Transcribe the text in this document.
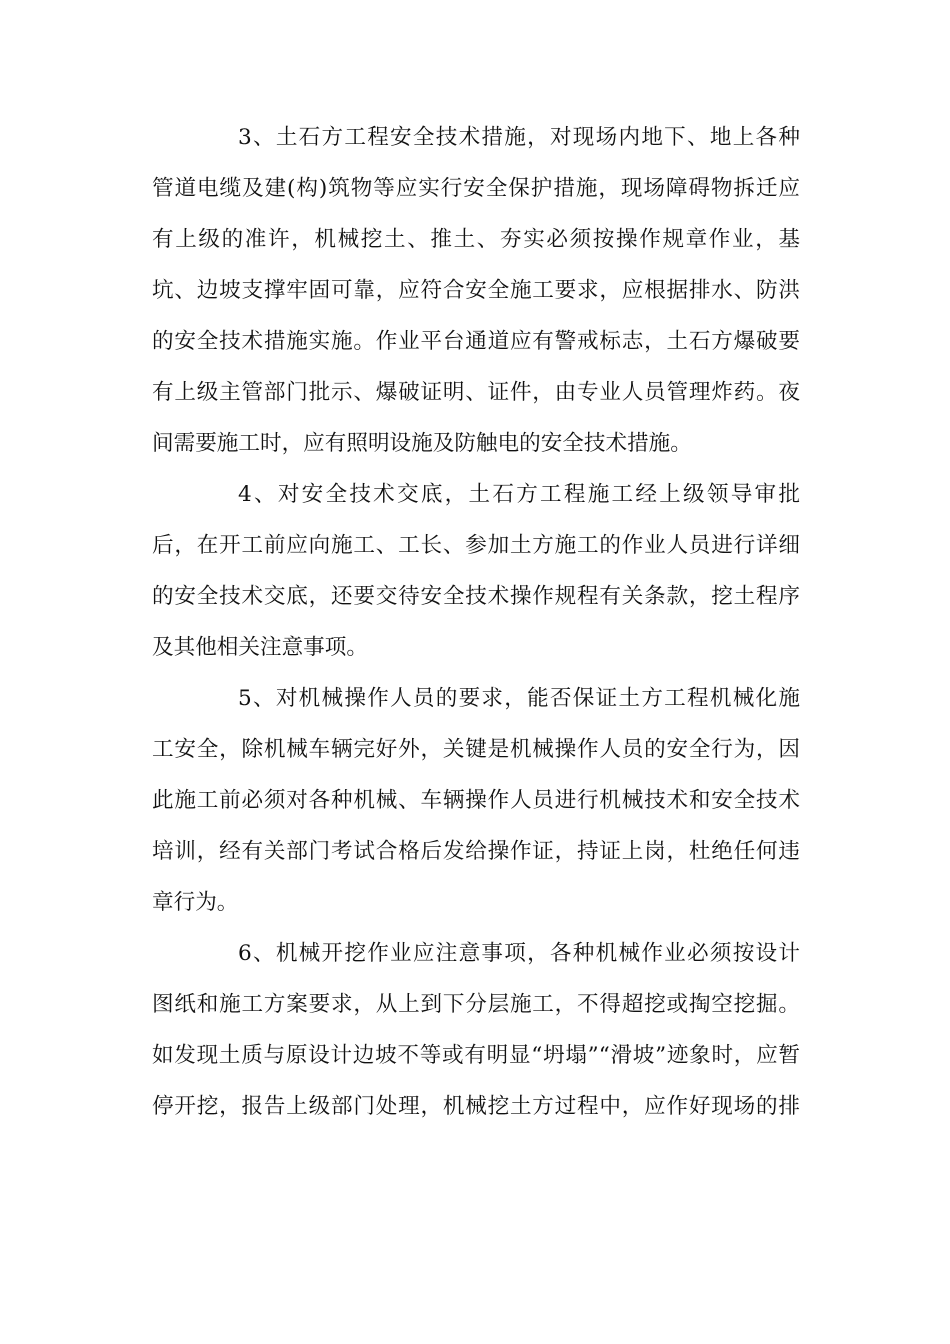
3、土石方工程安全技术措施，对现场内地下、地上各种
管道电缆及建(构)筑物等应实行安全保护措施，现场障碍物拆迁应
有上级的准许，机械挖土、推土、夯实必须按操作规章作业，基
坑、边坡支撑牢固可靠，应符合安全施工要求，应根据排水、防洪
的安全技术措施实施。作业平台通道应有警戒标志，土石方爆破要
有上级主管部门批示、爆破证明、证件，由专业人员管理炸药。夜
间需要施工时，应有照明设施及防触电的安全技术措施。
4、对安全技术交底，土石方工程施工经上级领导审批
后，在开工前应向施工、工长、参加土方施工的作业人员进行详细
的安全技术交底，还要交待安全技术操作规程有关条款，挖土程序
及其他相关注意事项。
5、对机械操作人员的要求，能否保证土方工程机械化施
工安全，除机械车辆完好外，关键是机械操作人员的安全行为，因
此施工前必须对各种机械、车辆操作人员进行机械技术和安全技术
培训，经有关部门考试合格后发给操作证，持证上岗，杜绝任何违
章行为。
6、机械开挖作业应注意事项，各种机械作业必须按设计
图纸和施工方案要求，从上到下分层施工，不得超挖或掏空挖掘。
如发现土质与原设计边坡不等或有明显“坍塌”“滑坡”迹象时，应暂
停开挖，报告上级部门处理，机械挖土方过程中，应作好现场的排
